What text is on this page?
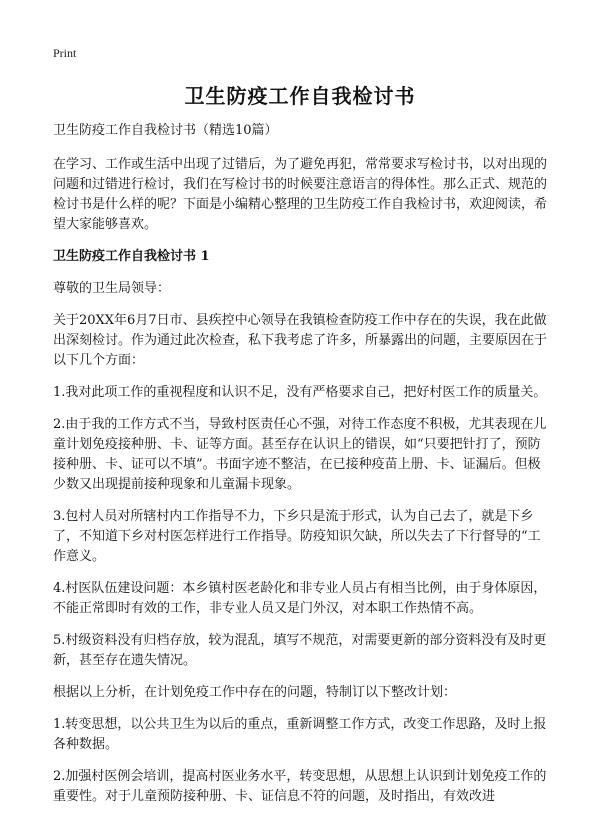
Print
卫生防疫工作自我检讨书

卫生防疫工作自我检讨书（精选10篇）

在学习、工作或生活中出现了过错后，为了避免再犯，常常要求写检讨书，以对出现的问题和过错进行检讨，我们在写检讨书的时候要注意语言的得体性。那么正式、规范的检讨书是什么样的呢？下面是小编精心整理的卫生防疫工作自我检讨书，欢迎阅读，希望大家能够喜欢。

卫生防疫工作自我检讨书 1

尊敬的卫生局领导：

关于20XX年6月7日市、县疾控中心领导在我镇检查防疫工作中存在的失误，我在此做出深刻检讨。作为通过此次检查，私下我考虑了许多，所暴露出的问题，主要原因在于以下几个方面：

1.我对此项工作的重视程度和认识不足，没有严格要求自己，把好村医工作的质量关。

2.由于我的工作方式不当，导致村医责任心不强，对待工作态度不积极，尤其表现在儿童计划免疫接种册、卡、证等方面。甚至存在认识上的错误，如“只要把针打了，预防接种册、卡、证可以不填”。书面字迹不整洁，在已接种疫苗上册、卡、证漏后。但极少数又出现提前接种现象和儿童漏卡现象。

3.包村人员对所辖村内工作指导不力，下乡只是流于形式，认为自己去了，就是下乡了，不知道下乡对村医怎样进行工作指导。防疫知识欠缺，所以失去了下行督导的“工作意义。

4.村医队伍建设问题：本乡镇村医老龄化和非专业人员占有相当比例，由于身体原因，不能正常即时有效的工作，非专业人员又是门外汉，对本职工作热情不高。

5.村级资料没有归档存放，较为混乱，填写不规范，对需要更新的部分资料没有及时更新，甚至存在遗失情况。

根据以上分析，在计划免疫工作中存在的问题，特制订以下整改计划：

1.转变思想，以公共卫生为以后的重点，重新调整工作方式，改变工作思路，及时上报各种数据。

2.加强村医例会培训，提高村医业务水平，转变思想，从思想上认识到计划免疫工作的重要性。对于儿童预防接种册、卡、证信息不符的问题，及时指出，有效改进
